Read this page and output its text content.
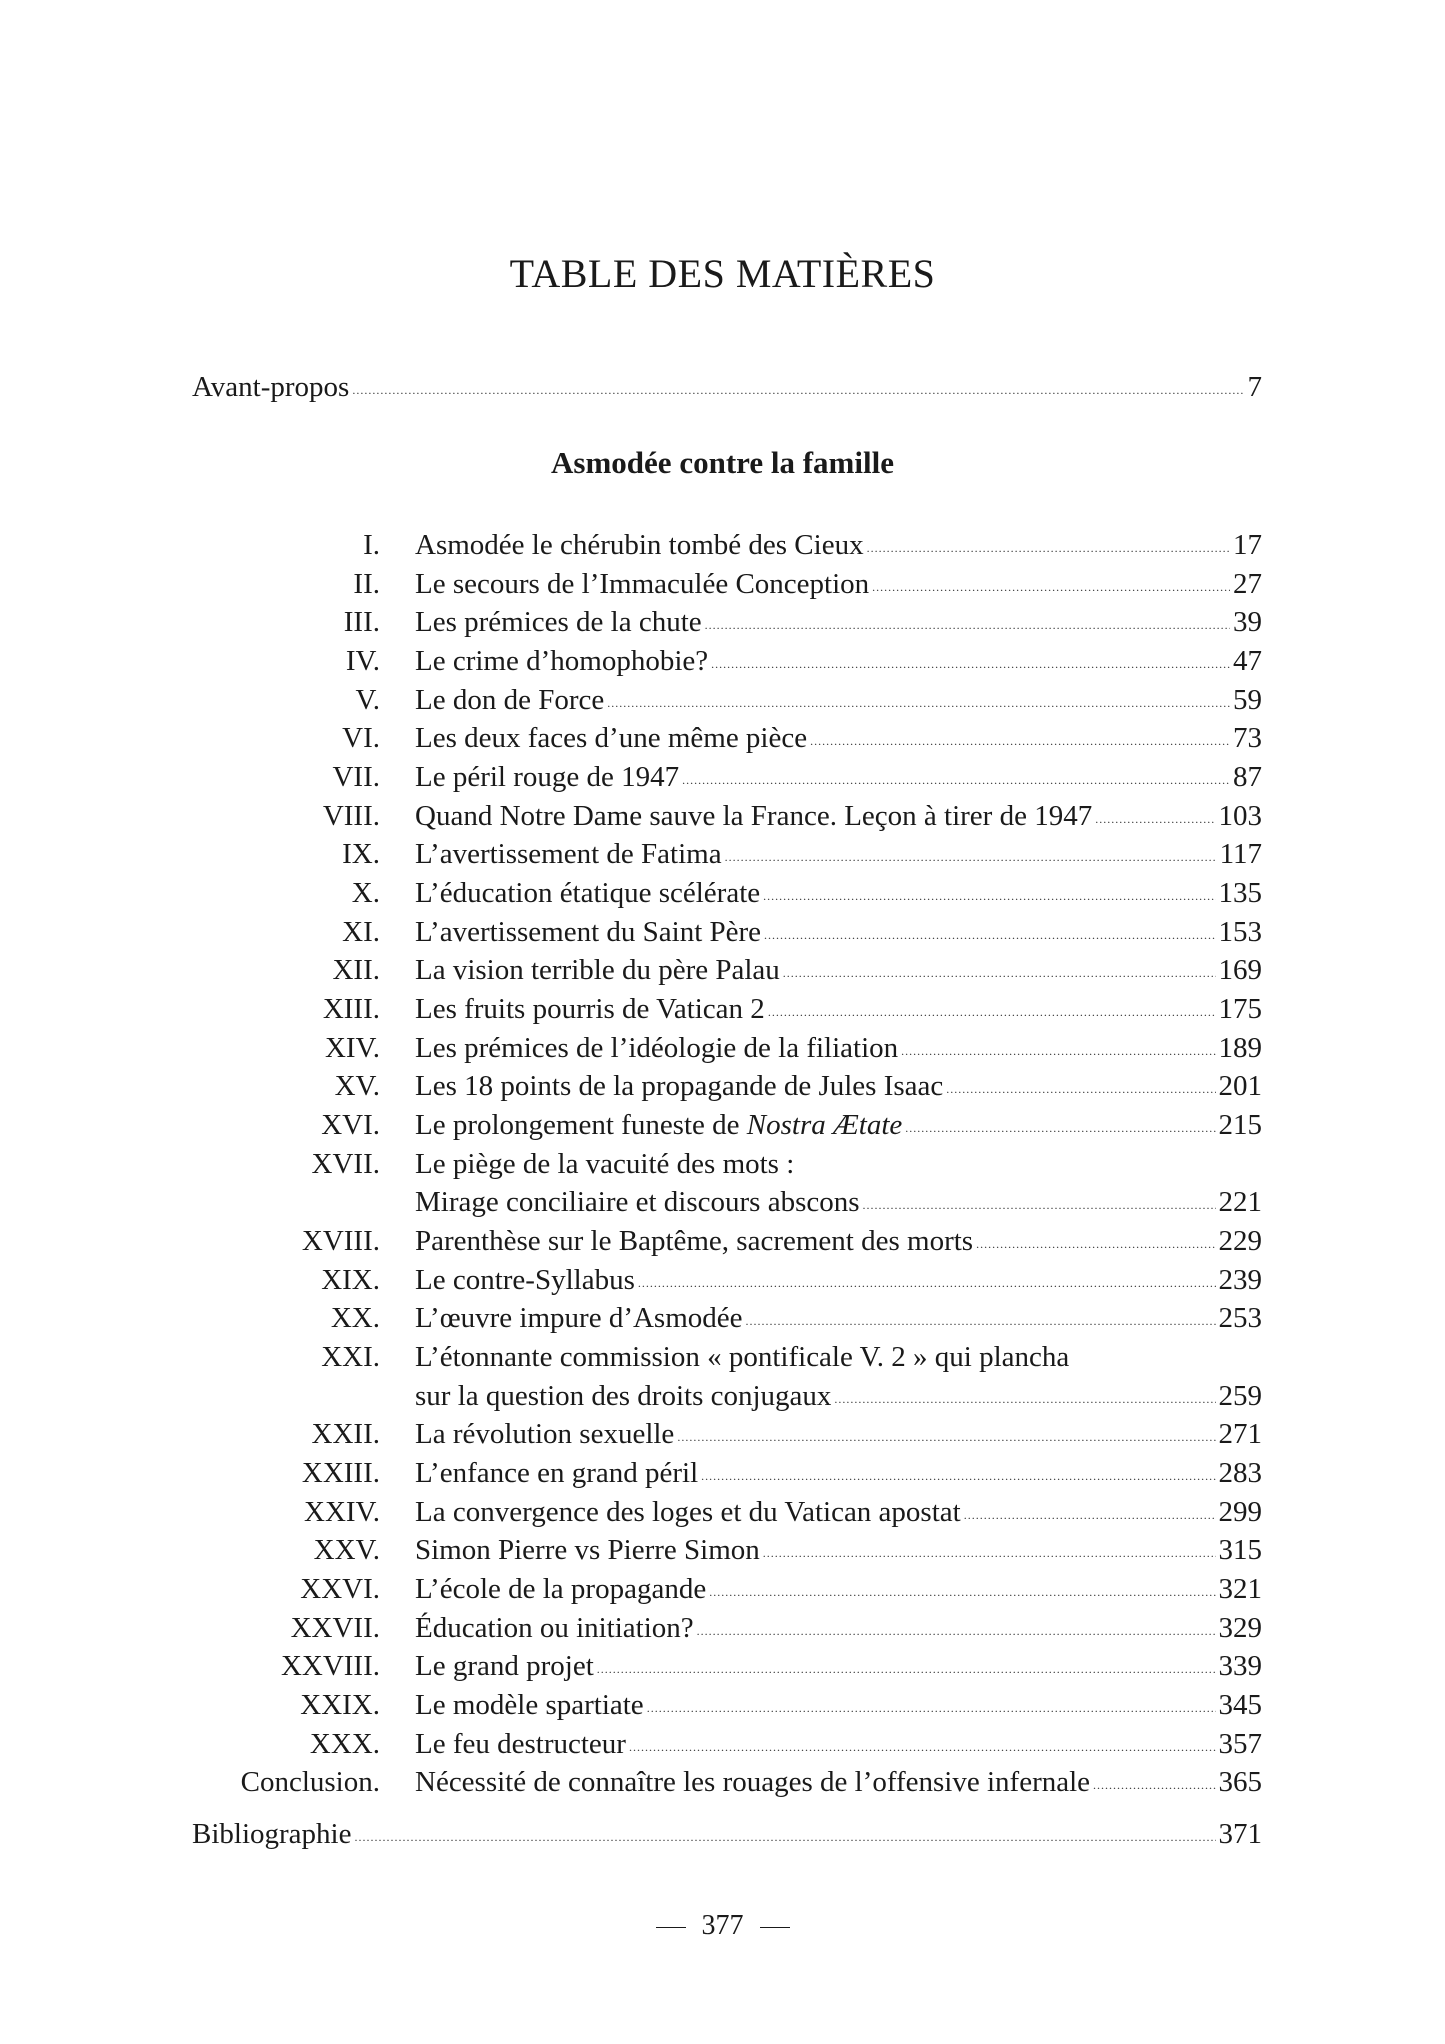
TABLE DES MATIÈRES
Avant-propos .....	7
Asmodée contre la famille
I. Asmodée le chérubin tombé des Cieux .....	17
II. Le secours de l’Immaculée Conception .....	27
III. Les prémices de la chute .....	39
IV. Le crime d’homophobie? .....	47
V. Le don de Force .....	59
VI. Les deux faces d’une même pièce .....	73
VII. Le péril rouge de 1947 .....	87
VIII. Quand Notre Dame sauve la France. Leçon à tirer de 1947 .....	103
IX. L’avertissement de Fatima .....	117
X. L’éducation étatique scélérate .....	135
XI. L’avertissement du Saint Père .....	153
XII. La vision terrible du père Palau .....	169
XIII. Les fruits pourris de Vatican 2 .....	175
XIV. Les prémices de l’idéologie de la filiation .....	189
XV. Les 18 points de la propagande de Jules Isaac .....	201
XVI. Le prolongement funeste de Nostra Ætate .....	215
XVII. Le piège de la vacuité des mots :
Mirage conciliaire et discours abscons .....	221
XVIII. Parenthèse sur le Baptême, sacrement des morts .....	229
XIX. Le contre-Syllabus .....	239
XX. L’œuvre impure d’Asmodée .....	253
XXI. L’étonnante commission « pontificale V. 2 » qui plancha
sur la question des droits conjugaux .....	259
XXII. La révolution sexuelle .....	271
XXIII. L’enfance en grand péril .....	283
XXIV. La convergence des loges et du Vatican apostat .....	299
XXV. Simon Pierre vs Pierre Simon .....	315
XXVI. L’école de la propagande .....	321
XXVII. Éducation ou initiation? .....	329
XXVIII. Le grand projet .....	339
XXIX. Le modèle spartiate .....	345
XXX. Le feu destructeur .....	357
Conclusion. Nécessité de connaître les rouages de l’offensive infernale .....	365
Bibliographie .....	371
377
